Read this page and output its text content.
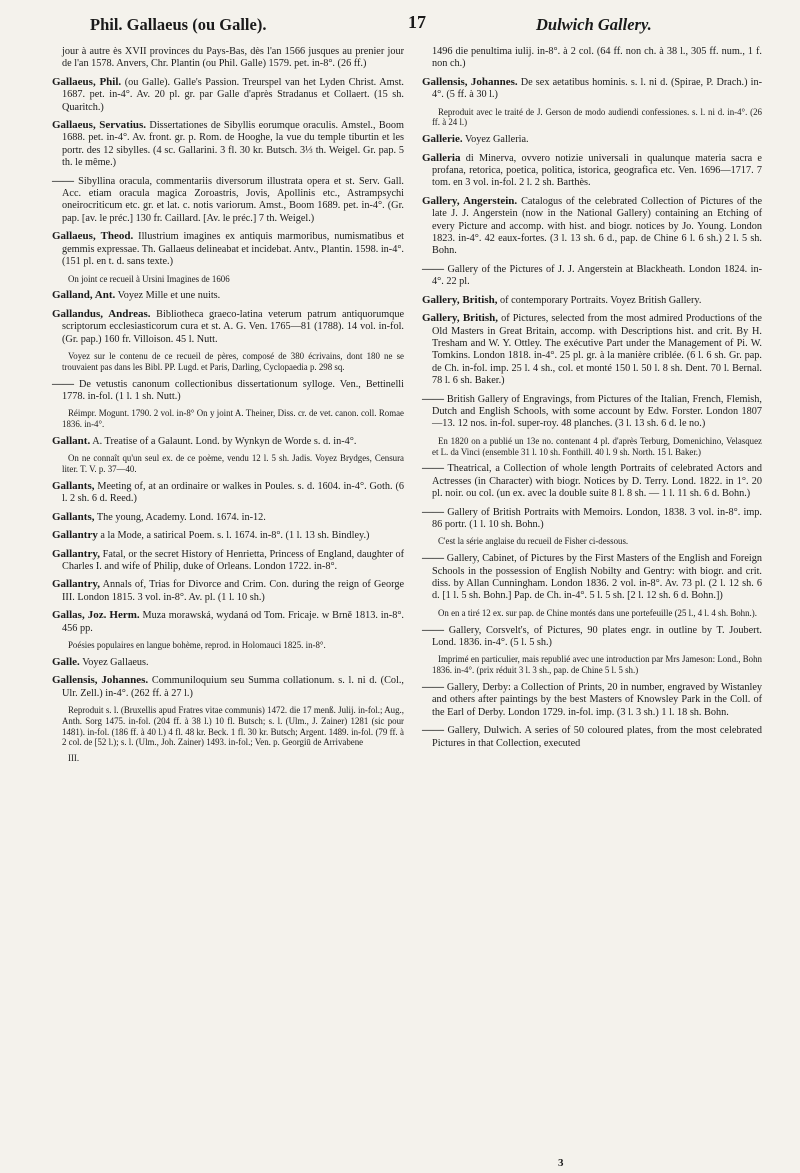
Phil. Gallaeus (ou Galle).	17	Dulwich Gallery.
jour à autre ès XVII provinces du Pays-Bas, dès l'an 1566 jusques au prenier jour de l'an 1578. Anvers, Chr. Plantin (ou Phil. Galle) 1579. pet. in-8°. (26 ff.)
Gallaeus, Phil. (ou Galle). Galle's Passion. Treurspel van het Lyden Christ. Amst. 1687. pet. in-4°. Av. 20 pl. gr. par Galle d'après Stradanus et Collaert. (15 sh. Quaritch.)
Gallaeus, Servatius. Dissertationes de Sibyllis eorumque oraculis. Amstel., Boom 1688. pet. in-4°. Av. front. gr. p. Rom. de Hooghe, la vue du temple tiburtin et les portr. des 12 sibylles. (4 sc. Gallarini. 3 fl. 30 kr. Butsch. 3⅓ th. Weigel. Gr. pap. 5 th. le même.)
—— Sibyllina oracula, commentariis diversorum illustrata opera et st. Serv. Gall. Acc. etiam oracula magica Zoroastris, Jovis, Apollinis etc., Astrampsychi oneirocriticum etc. gr. et lat. c. notis variorum. Amst., Boom 1689. pet. in-4°. (Gr. pap. [av. le préc.] 130 fr. Caillard. [Av. le préc.] 7 th. Weigel.)
Gallaeus, Theod. Illustrium imagines ex antiquis marmoribus, numismatibus et gemmis expressae. Th. Gallaeus delineabat et incidebat. Antv., Plantin. 1598. in-4°. (151 pl. en t. d. sans texte.)
On joint ce recueil à Ursini Imagines de 1606
Galland, Ant. Voyez Mille et une nuits.
Gallandus, Andreas. Bibliotheca graeco-latina veterum patrum antiquorumque scriptorum ecclesiasticorum cura et st. A. G. Ven. 1765—81 (1788). 14 vol. in-fol. (Gr. pap.) 160 fr. Villoison. 45 l. Nutt.
Voyez sur le contenu de ce recueil de pères, composé de 380 écrivains, dont 180 ne se trouvaient pas dans les Bibl. PP. Lugd. et Paris, Darling, Cyclopaedia p. 298 sq.
—— De vetustis canonum collectionibus dissertationum sylloge. Ven., Bettinelli 1778. in-fol. (1 l. 1 sh. Nutt.)
Réimpr. Mogunt. 1790. 2 vol. in-8° On y joint A. Theiner, Diss. cr. de vet. canon. coll. Romae 1836. in-4°.
Gallant. A. Treatise of a Galaunt. Lond. by Wynkyn de Worde s. d. in-4°.
On ne connaît qu'un seul ex. de ce poème, vendu 12 l. 5 sh. Jadis. Voyez Brydges, Censura liter. T. V. p. 37—40.
Gallants, Meeting of, at an ordinaire or walkes in Poules. s. d. 1604. in-4°. Goth. (6 l. 2 sh. 6 d. Reed.)
Gallants, The young, Academy. Lond. 1674. in-12.
Gallantry a la Mode, a satirical Poem. s. l. 1674. in-8°. (1 l. 13 sh. Bindley.)
Gallantry, Fatal, or the secret History of Henrietta, Princess of England, daughter of Charles I. and wife of Philip, duke of Orleans. London 1722. in-8°.
Gallantry, Annals of, Trias for Divorce and Crim. Con. during the reign of George III. London 1815. 3 vol. in-8°. Av. pl. (1 l. 10 sh.)
Gallas, Joz. Herm. Muza morawská, wydaná od Tom. Fricaje. w Brně 1813. in-8°. 456 pp.
Poésies populaires en langue bohème, reprod. in Holomauci 1825. in-8°.
Galle. Voyez Gallaeus.
Gallensis, Johannes. Communiloquium seu Summa collationum. s. l. ni d. (Col., Ulr. Zell.) in-4°. (262 ff. à 27 l.)
Reproduit s. l. (Bruxellis apud Fratres vitae communis) 1472. die 17 menß. Julij. in-fol.; Aug., Anth. Sorg 1475. in-fol. (204 ff. à 38 l.) 10 fl. Butsch; s. l. (Ulm., J. Zainer) 1281 (sic pour 1481). in-fol. (186 ff. à 40 l.) 4 fl. 48 kr. Beck. 1 fl. 30 kr. Butsch; Argent. 1489. in-fol. (79 ff. à 2 col. de [52 l.); s. l. (Ulm., Joh. Zainer) 1493. in-fol.; Ven. p. Georgiū de Arrivabene
III.
1496 die penultima iulij. in-8°. à 2 col. (64 ff. non ch. à 38 l., 305 ff. num., 1 f. non ch.)
Gallensis, Johannes. De sex aetatibus hominis. s. l. ni d. (Spirae, P. Drach.) in-4°. (5 ff. à 30 l.)
Reproduit avec le traité de J. Gerson de modo audiendi confessiones. s. l. ni d. in-4°. (26 ff. à 24 l.)
Gallerie. Voyez Galleria.
Galleria di Minerva, ovvero notizie universali in qualunque materia sacra e profana, retorica, poetica, politica, istorica, geografica etc. Ven. 1696—1717. 7 tom. en 3 vol. in-fol. 2 l. 2 sh. Barthès.
Gallery, Angerstein. Catalogus of the celebrated Collection of Pictures of the late J. J. Angerstein (now in the National Gallery) containing an Etching of every Picture and accomp. with hist. and biogr. notices by Jo. Young. London 1823. in-4°. 42 eaux-fortes. (3 l. 13 sh. 6 d., pap. de Chine 6 l. 6 sh.) 2 l. 5 sh. Bohn.
—— Gallery of the Pictures of J. J. Angerstein at Blackheath. London 1824. in-4°. 22 pl.
Gallery, British, of contemporary Portraits. Voyez British Gallery.
Gallery, British, of Pictures, selected from the most admired Productions of the Old Masters in Great Britain, accomp. with Descriptions hist. and crit. By H. Tresham and W. Y. Ottley. The exécutive Part under the Management of Pi. W. Tomkins. London 1818. in-4°. 25 pl. gr. à la manière criblée. (6 l. 6 sh. Gr. pap. de Ch. in-fol. imp. 25 l. 4 sh., col. et monté 150 l. 50 l. 8 sh. Dent. 70 l. Bernal. 78 l. 6 sh. Baker.)
—— British Gallery of Engravings, from Pictures of the Italian, French, Flemish, Dutch and English Schools, with some account by Edw. Forster. London 1807—13. 12 nos. in-fol. super-roy. 48 planches. (3 l. 13 sh. 6 d. le no.)
En 1820 on a publié un 13e no. contenant 4 pl. d'après Terburg, Domenichino, Velasquez et L. da Vinci (ensemble 31 l. 10 sh. Fonthill. 40 l. 9 sh. North. 15 l. Baker.)
—— Theatrical, a Collection of whole length Portraits of celebrated Actors and Actresses (in Character) with biogr. Notices by D. Terry. Lond. 1822. in 1°. 20 pl. noir. ou col. (un ex. avec la double suite 8 l. 8 sh. — 1 l. 11 sh. 6 d. Bohn.)
—— Gallery of British Portraits with Memoirs. London, 1838. 3 vol. in-8°. imp. 86 portr. (1 l. 10 sh. Bohn.)
C'est la série anglaise du recueil de Fisher ci-dessous.
—— Gallery, Cabinet, of Pictures by the First Masters of the English and Foreign Schools in the possession of English Nobilty and Gentry: with biogr. and crit. diss. by Allan Cunningham. London 1836. 2 vol. in-8°. Av. 73 pl. (2 l. 12 sh. 6 d. [1 l. 5 sh. Bohn.] Pap. de Ch. in-4°. 5 l. 5 sh. [2 l. 12 sh. 6 d. Bohn.])
On en a tiré 12 ex. sur pap. de Chine montés dans une portefeuille (25 l., 4 l. 4 sh. Bohn.).
—— Gallery, Corsvelt's, of Pictures, 90 plates engr. in outline by T. Joubert. Lond. 1836. in-4°. (5 l. 5 sh.)
Imprimé en particulier, mais republié avec une introduction par Mrs Jameson: Lond., Bohn 1836. in-4°. (prix réduit 3 l. 3 sh., pap. de Chine 5 l. 5 sh.)
—— Gallery, Derby: a Collection of Prints, 20 in number, engraved by Wistanley and others after paintings by the best Masters of Knowsley Park in the Coll. of the Earl of Derby. London 1729. in-fol. imp. (3 l. 3 sh.) 1 l. 18 sh. Bohn.
—— Gallery, Dulwich. A series of 50 coloured plates, from the most celebrated Pictures in that Collection, executed
3
